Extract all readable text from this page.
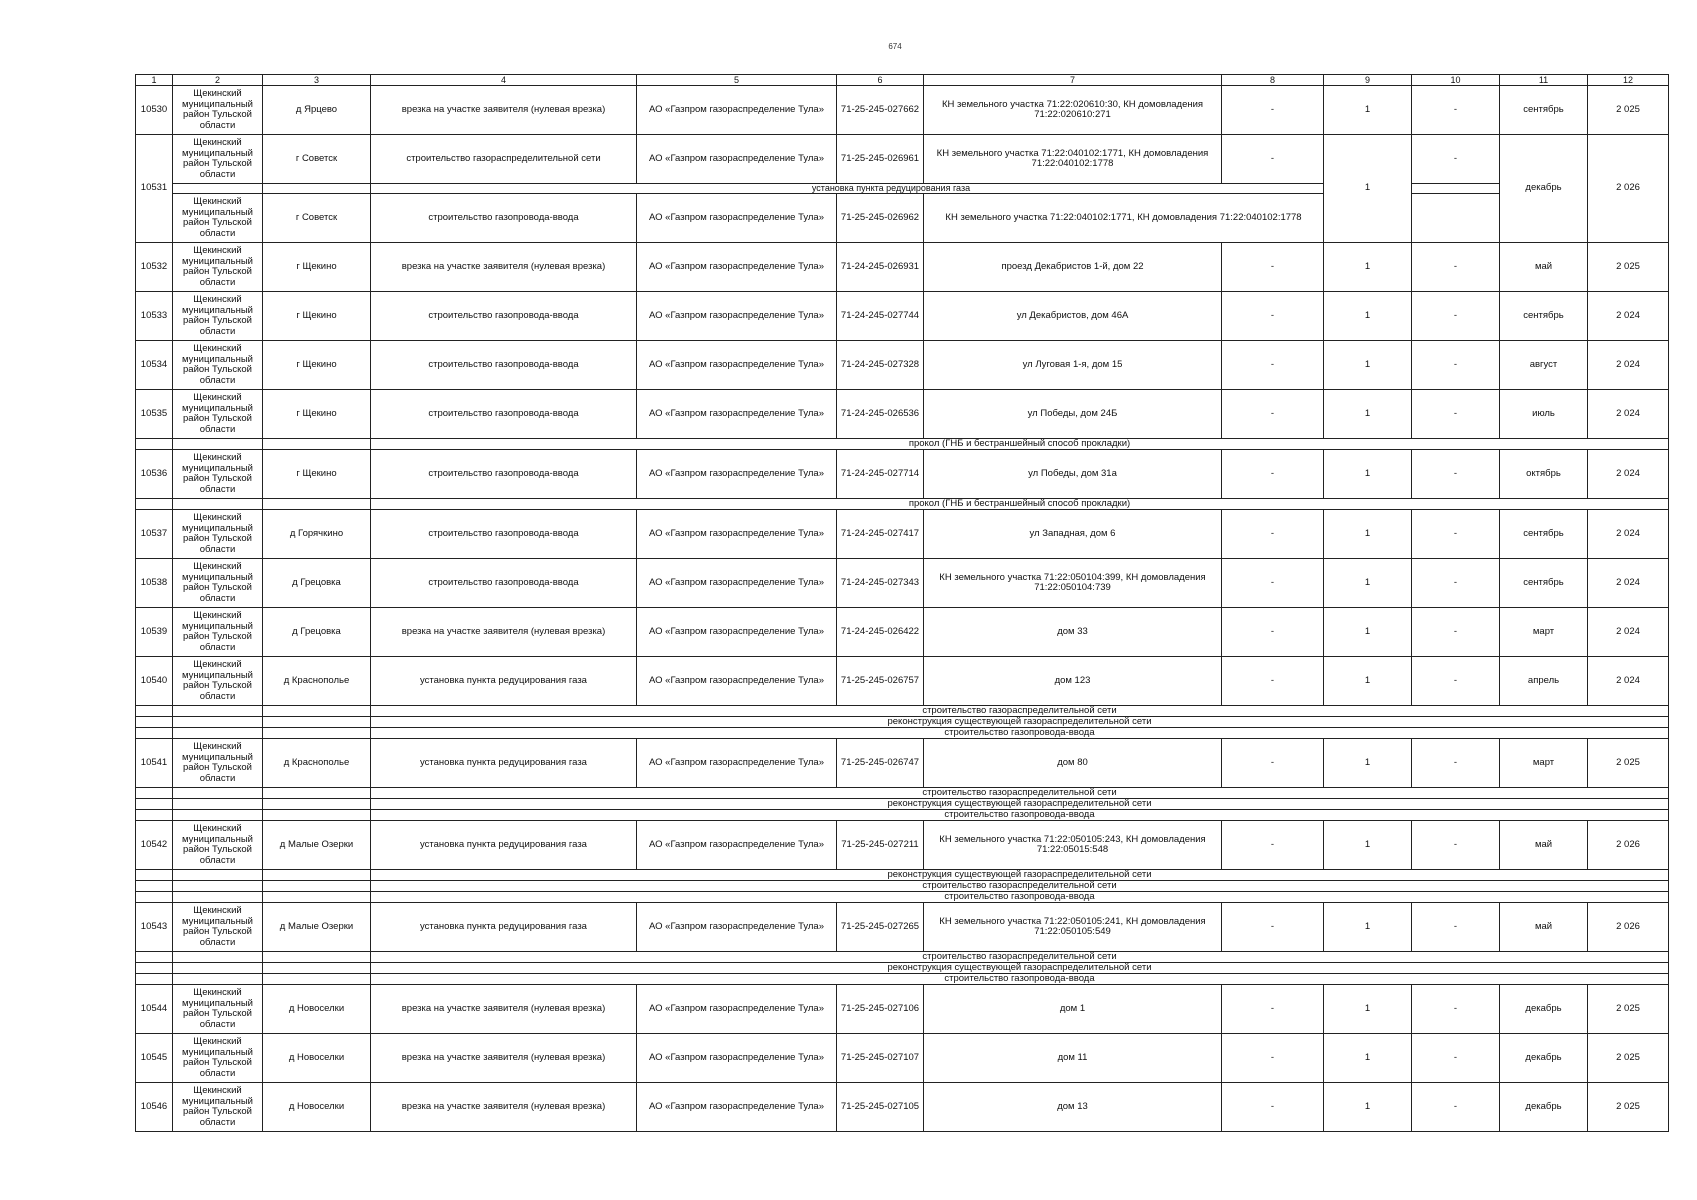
674
1	2	3	4	5	6	7	8	9	10	11	12
10530	Щекинский муниципальный район Тульской области	д Ярцево	врезка на участке заявителя (нулевая врезка)	АО «Газпром газораспределение Тула»	71-25-245-027662	КН земельного участка 71:22:020610:30, КН домовладения 71:22:020610:271	-	1	-	сентябрь	2 025
10531	Щекинский муниципальный район Тульской области	г Советск	строительство газораспределительной сети	АО «Газпром газораспределение Тула»	71-25-245-026961	КН земельного участка 71:22:040102:1771, КН домовладения 71:22:040102:1778	-	1	-	декабрь	2 026
			установка пункта редуцирования газа								
	Щекинский муниципальный район Тульской области	г Советск	строительство газопровода-ввода	АО «Газпром газораспределение Тула»	71-25-245-026962	КН земельного участка 71:22:040102:1771, КН домовладения 71:22:040102:1778					
10532	Щекинский муниципальный район Тульской области	г Щекино	врезка на участке заявителя (нулевая врезка)	АО «Газпром газораспределение Тула»	71-24-245-026931	проезд Декабристов 1-й, дом 22	-	1	-	май	2 025
10533	Щекинский муниципальный район Тульской области	г Щекино	строительство газопровода-ввода	АО «Газпром газораспределение Тула»	71-24-245-027744	ул Декабристов, дом 46А	-	1	-	сентябрь	2 024
10534	Щекинский муниципальный район Тульской области	г Щекино	строительство газопровода-ввода	АО «Газпром газораспределение Тула»	71-24-245-027328	ул Луговая 1-я, дом 15	-	1	-	август	2 024
10535	Щекинский муниципальный район Тульской области	г Щекино	строительство газопровода-ввода	АО «Газпром газораспределение Тула»	71-24-245-026536	ул Победы, дом 24Б	-	1	-	июль	2 024
			прокол (ГНБ и бестраншейный способ прокладки)								
10536	Щекинский муниципальный район Тульской области	г Щекино	строительство газопровода-ввода	АО «Газпром газораспределение Тула»	71-24-245-027714	ул Победы, дом 31а	-	1	-	октябрь	2 024
			прокол (ГНБ и бестраншейный способ прокладки)								
10537	Щекинский муниципальный район Тульской области	д Горячкино	строительство газопровода-ввода	АО «Газпром газораспределение Тула»	71-24-245-027417	ул Западная, дом 6	-	1	-	сентябрь	2 024
10538	Щекинский муниципальный район Тульской области	д Грецовка	строительство газопровода-ввода	АО «Газпром газораспределение Тула»	71-24-245-027343	КН земельного участка 71:22:050104:399, КН домовладения 71:22:050104:739	-	1	-	сентябрь	2 024
10539	Щекинский муниципальный район Тульской области	д Грецовка	врезка на участке заявителя (нулевая врезка)	АО «Газпром газораспределение Тула»	71-24-245-026422	дом 33	-	1	-	март	2 024
10540	Щекинский муниципальный район Тульской области	д Краснополье	установка пункта редуцирования газа	АО «Газпром газораспределение Тула»	71-25-245-026757	дом 123	-	1	-	апрель	2 024
			строительство газораспределительной сети								
			реконструкция существующей газораспределительной сети								
			строительство газопровода-ввода								
10541	Щекинский муниципальный район Тульской области	д Краснополье	установка пункта редуцирования газа	АО «Газпром газораспределение Тула»	71-25-245-026747	дом 80	-	1	-	март	2 025
			строительство газораспределительной сети								
			реконструкция существующей газораспределительной сети								
			строительство газопровода-ввода								
10542	Щекинский муниципальный район Тульской области	д Малые Озерки	установка пункта редуцирования газа	АО «Газпром газораспределение Тула»	71-25-245-027211	КН земельного участка 71:22:050105:243, КН домовладения 71:22:05015:548	-	1	-	май	2 026
			реконструкция существующей газораспределительной сети								
			строительство газораспределительной сети								
			строительство газопровода-ввода								
10543	Щекинский муниципальный район Тульской области	д Малые Озерки	установка пункта редуцирования газа	АО «Газпром газораспределение Тула»	71-25-245-027265	КН земельного участка 71:22:050105:241, КН домовладения 71:22:050105:549	-	1	-	май	2 026
			строительство газораспределительной сети								
			реконструкция существующей газораспределительной сети								
			строительство газопровода-ввода								
10544	Щекинский муниципальный район Тульской области	д Новоселки	врезка на участке заявителя (нулевая врезка)	АО «Газпром газораспределение Тула»	71-25-245-027106	дом 1	-	1	-	декабрь	2 025
10545	Щекинский муниципальный район Тульской области	д Новоселки	врезка на участке заявителя (нулевая врезка)	АО «Газпром газораспределение Тула»	71-25-245-027107	дом 11	-	1	-	декабрь	2 025
10546	Щекинский муниципальный район Тульской области	д Новоселки	врезка на участке заявителя (нулевая врезка)	АО «Газпром газораспределение Тула»	71-25-245-027105	дом 13	-	1	-	декабрь	2 025
